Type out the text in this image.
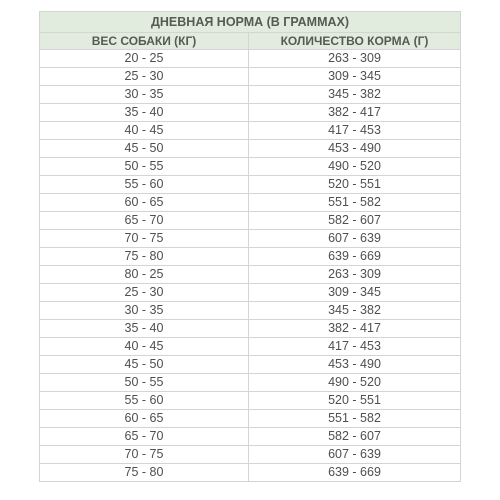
ДНЕВНАЯ НОРМА (В ГРАММАХ)	
ВЕС СОБАКИ (КГ)	КОЛИЧЕСТВО КОРМА (Г)
20 - 25	263 - 309
25 - 30	309 - 345
30 - 35	345 - 382
35 - 40	382 - 417
40 - 45	417 - 453
45 - 50	453 - 490
50 - 55	490 - 520
55 - 60	520 - 551
60 - 65	551 - 582
65 - 70	582 - 607
70 - 75	607 - 639
75 - 80	639 - 669
80 - 25	263 - 309
25 - 30	309 - 345
30 - 35	345 - 382
35 - 40	382 - 417
40 - 45	417 - 453
45 - 50	453 - 490
50 - 55	490 - 520
55 - 60	520 - 551
60 - 65	551 - 582
65 - 70	582 - 607
70 - 75	607 - 639
75 - 80	639 - 669
